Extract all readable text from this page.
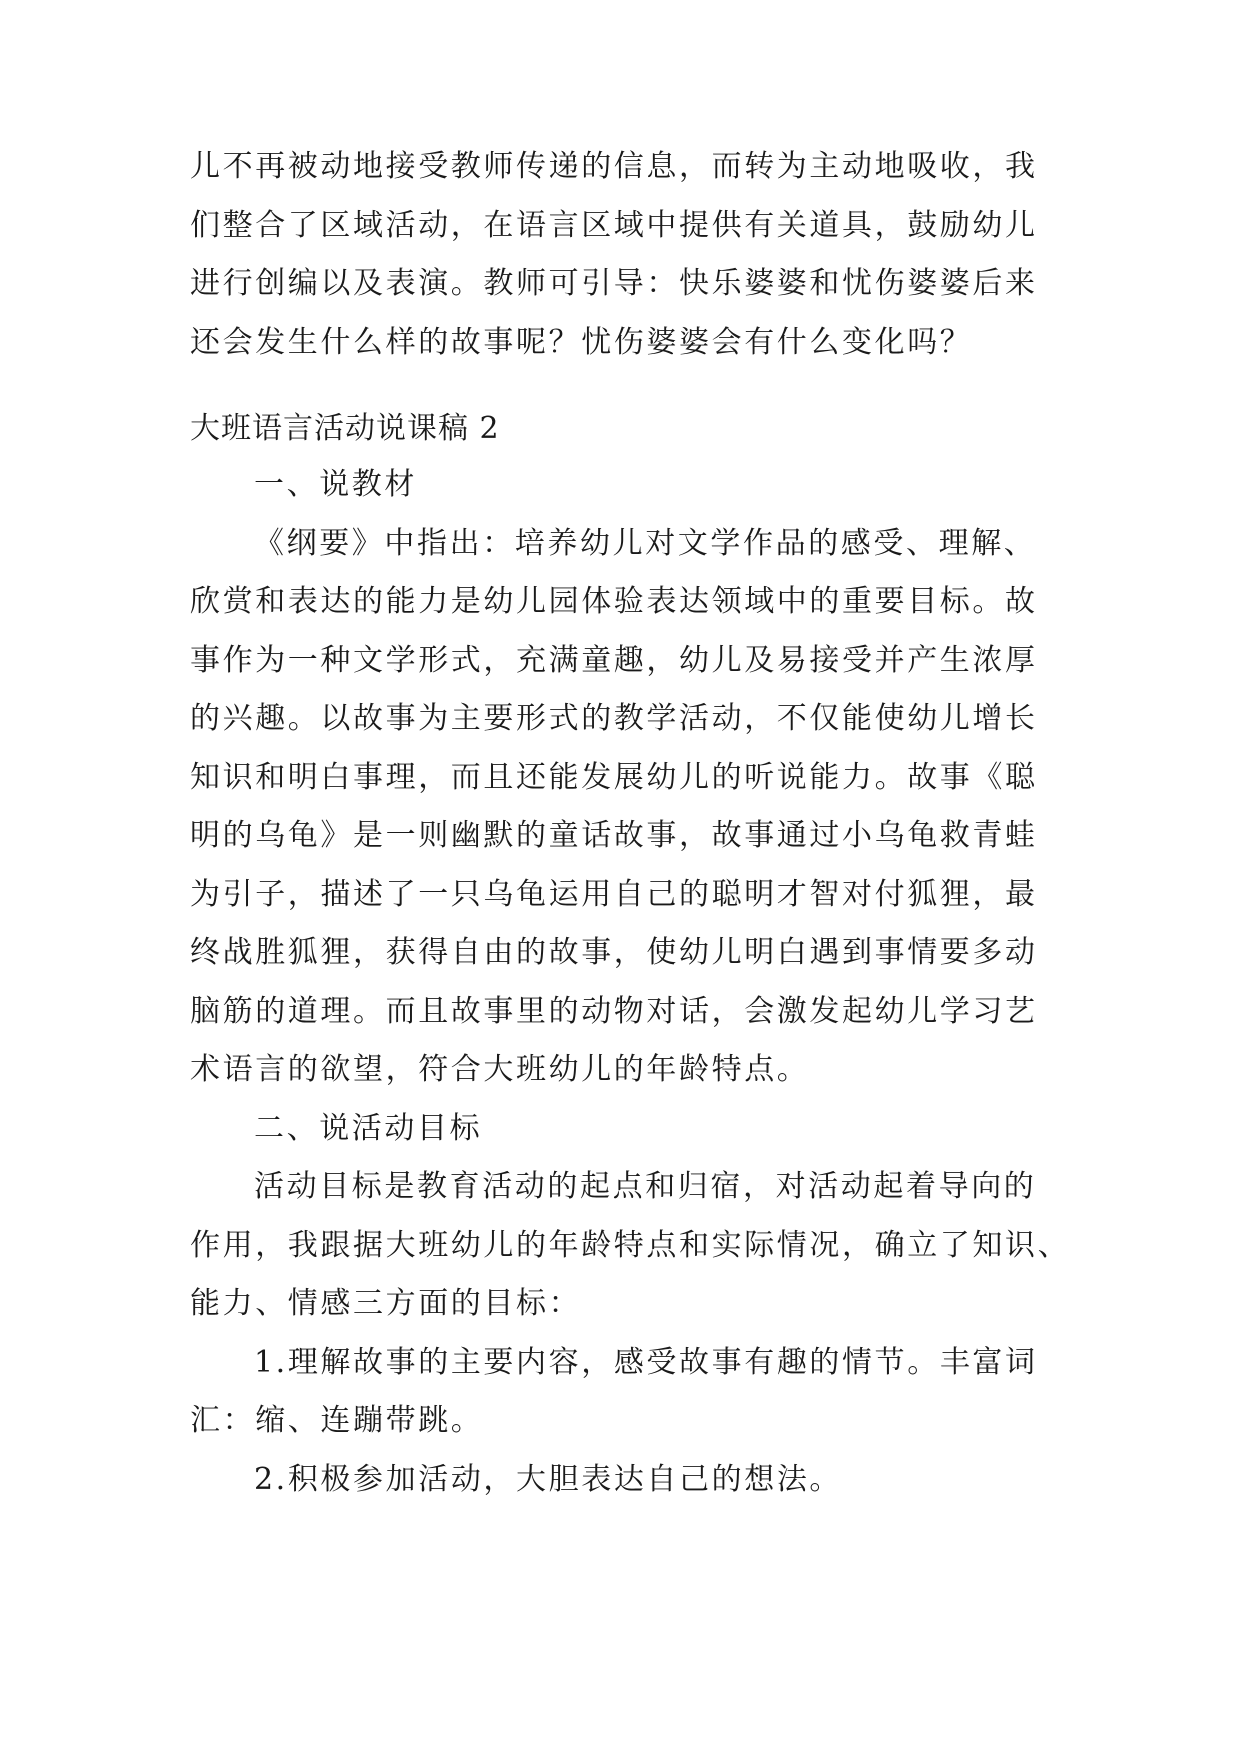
儿不再被动地接受教师传递的信息，而转为主动地吸收，我
们整合了区域活动，在语言区域中提供有关道具，鼓励幼儿
进行创编以及表演。教师可引导：快乐婆婆和忧伤婆婆后来
还会发生什么样的故事呢？忧伤婆婆会有什么变化吗？
大班语言活动说课稿 2
一、说教材
《纲要》中指出：培养幼儿对文学作品的感受、理解、
欣赏和表达的能力是幼儿园体验表达领域中的重要目标。故
事作为一种文学形式，充满童趣，幼儿及易接受并产生浓厚
的兴趣。以故事为主要形式的教学活动，不仅能使幼儿增长
知识和明白事理，而且还能发展幼儿的听说能力。故事《聪
明的乌龟》是一则幽默的童话故事，故事通过小乌龟救青蛙
为引子，描述了一只乌龟运用自己的聪明才智对付狐狸，最
终战胜狐狸，获得自由的故事，使幼儿明白遇到事情要多动
脑筋的道理。而且故事里的动物对话，会激发起幼儿学习艺
术语言的欲望，符合大班幼儿的年龄特点。
二、说活动目标
活动目标是教育活动的起点和归宿，对活动起着导向的
作用，我跟据大班幼儿的年龄特点和实际情况，确立了知识、
能力、情感三方面的目标：
1.理解故事的主要内容，感受故事有趣的情节。丰富词
汇：缩、连蹦带跳。
2.积极参加活动，大胆表达自己的想法。
